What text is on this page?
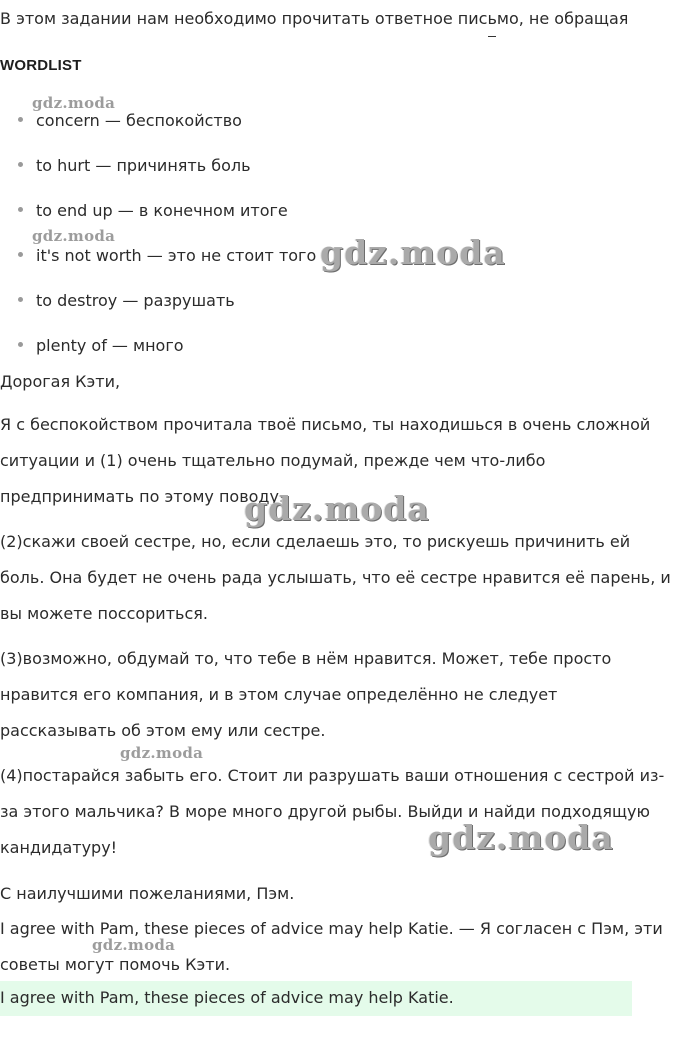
В этом задании нам необходимо прочитать ответное письмо, не обращая
WORDLIST
concern — беспокойство
to hurt — причинять боль
to end up — в конечном итоге
it's not worth — это не стоит того
to destroy — разрушать
plenty of — много
Дорогая Кэти,
Я с беспокойством прочитала твоё письмо, ты находишься в очень сложной ситуации и (1) очень тщательно подумай, прежде чем что-либо предпринимать по этому поводу.
(2)скажи своей сестре, но, если сделаешь это, то рискуешь причинить ей боль. Она будет не очень рада услышать, что её сестре нравится её парень, и вы можете поссориться.
(3)возможно, обдумай то, что тебе в нём нравится. Может, тебе просто нравится его компания, и в этом случае определённо не следует рассказывать об этом ему или сестре.
(4)постарайся забыть его. Стоит ли разрушать ваши отношения с сестрой из-за этого мальчика? В море много другой рыбы. Выйди и найди подходящую кандидатуру!
С наилучшими пожеланиями, Пэм.
I agree with Pam, these pieces of advice may help Katie. — Я согласен с Пэм, эти советы могут помочь Кэти.
I agree with Pam, these pieces of advice may help Katie.
gdz.moda
gdz.moda	gdz.moda
gdz.moda
gdz.moda
gdz.moda
gdz.moda
